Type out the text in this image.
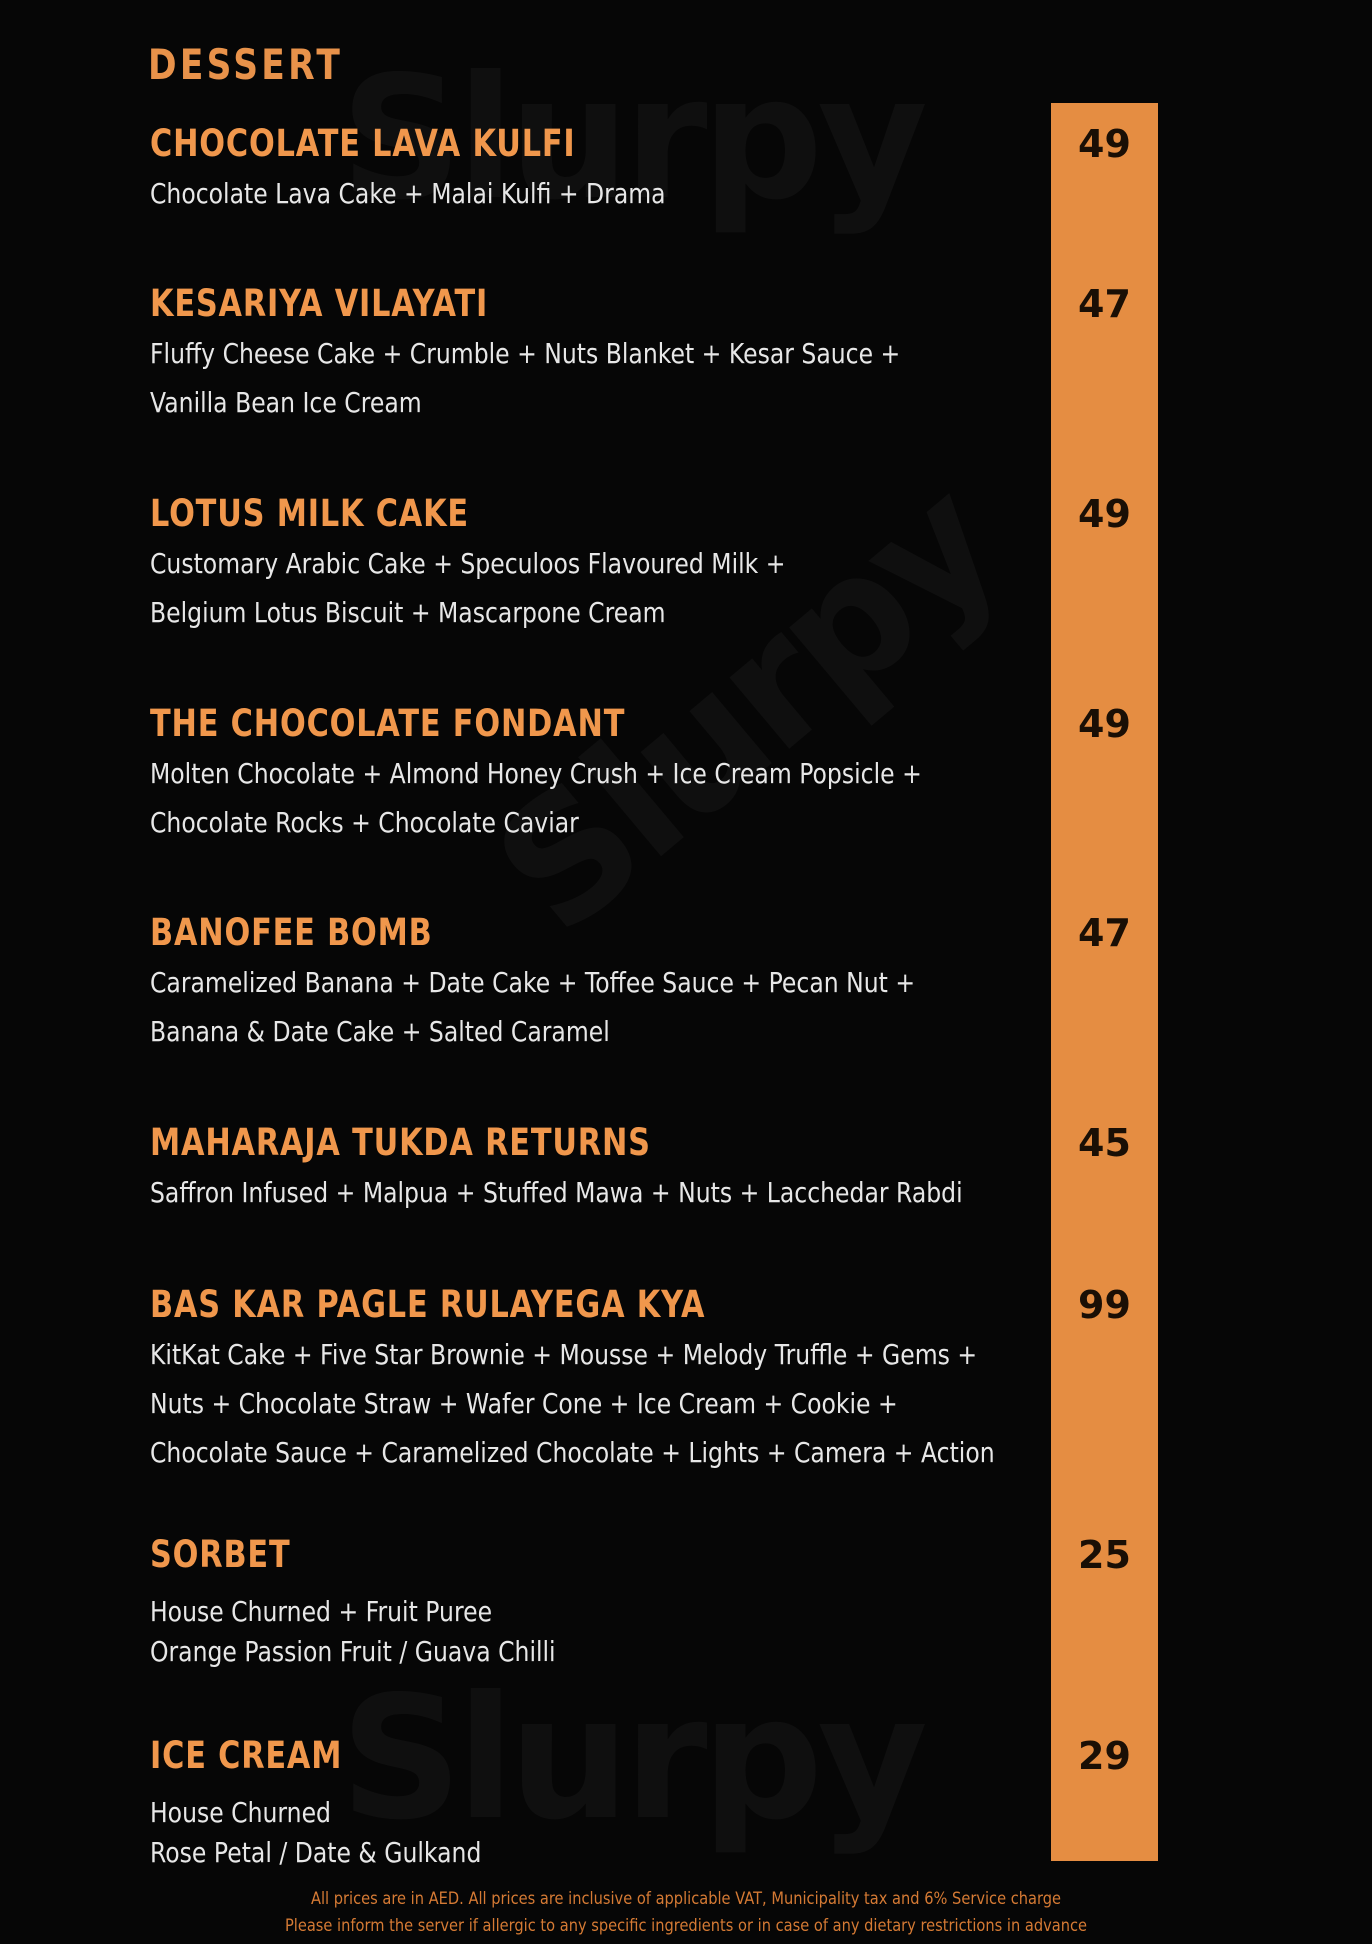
DESSERT
CHOCOLATE LAVA KULFI
Chocolate Lava Cake + Malai Kulfi + Drama
49
KESARIYA VILAYATI
Fluffy Cheese Cake + Crumble + Nuts Blanket + Kesar Sauce +
Vanilla Bean Ice Cream
47
LOTUS MILK CAKE
Customary Arabic Cake + Speculoos Flavoured Milk +
Belgium Lotus Biscuit + Mascarpone Cream
49
THE CHOCOLATE FONDANT
Molten Chocolate + Almond Honey Crush + Ice Cream Popsicle +
Chocolate Rocks + Chocolate Caviar
49
BANOFEE BOMB
Caramelized Banana + Date Cake + Toffee Sauce + Pecan Nut +
Banana & Date Cake + Salted Caramel
47
MAHARAJA TUKDA RETURNS
Saffron Infused + Malpua + Stuffed Mawa + Nuts + Lacchedar Rabdi
45
BAS KAR PAGLE RULAYEGA KYA
KitKat Cake + Five Star Brownie + Mousse + Melody Truffle + Gems +
Nuts + Chocolate Straw + Wafer Cone + Ice Cream + Cookie +
Chocolate Sauce + Caramelized Chocolate + Lights + Camera + Action
99
SORBET
House Churned + Fruit Puree
Orange Passion Fruit / Guava Chilli
25
ICE CREAM
House Churned
Rose Petal / Date & Gulkand
29
All prices are in AED. All prices are inclusive of applicable VAT, Municipality tax and 6% Service charge
Please inform the server if allergic to any specific ingredients or in case of any dietary restrictions in advance
